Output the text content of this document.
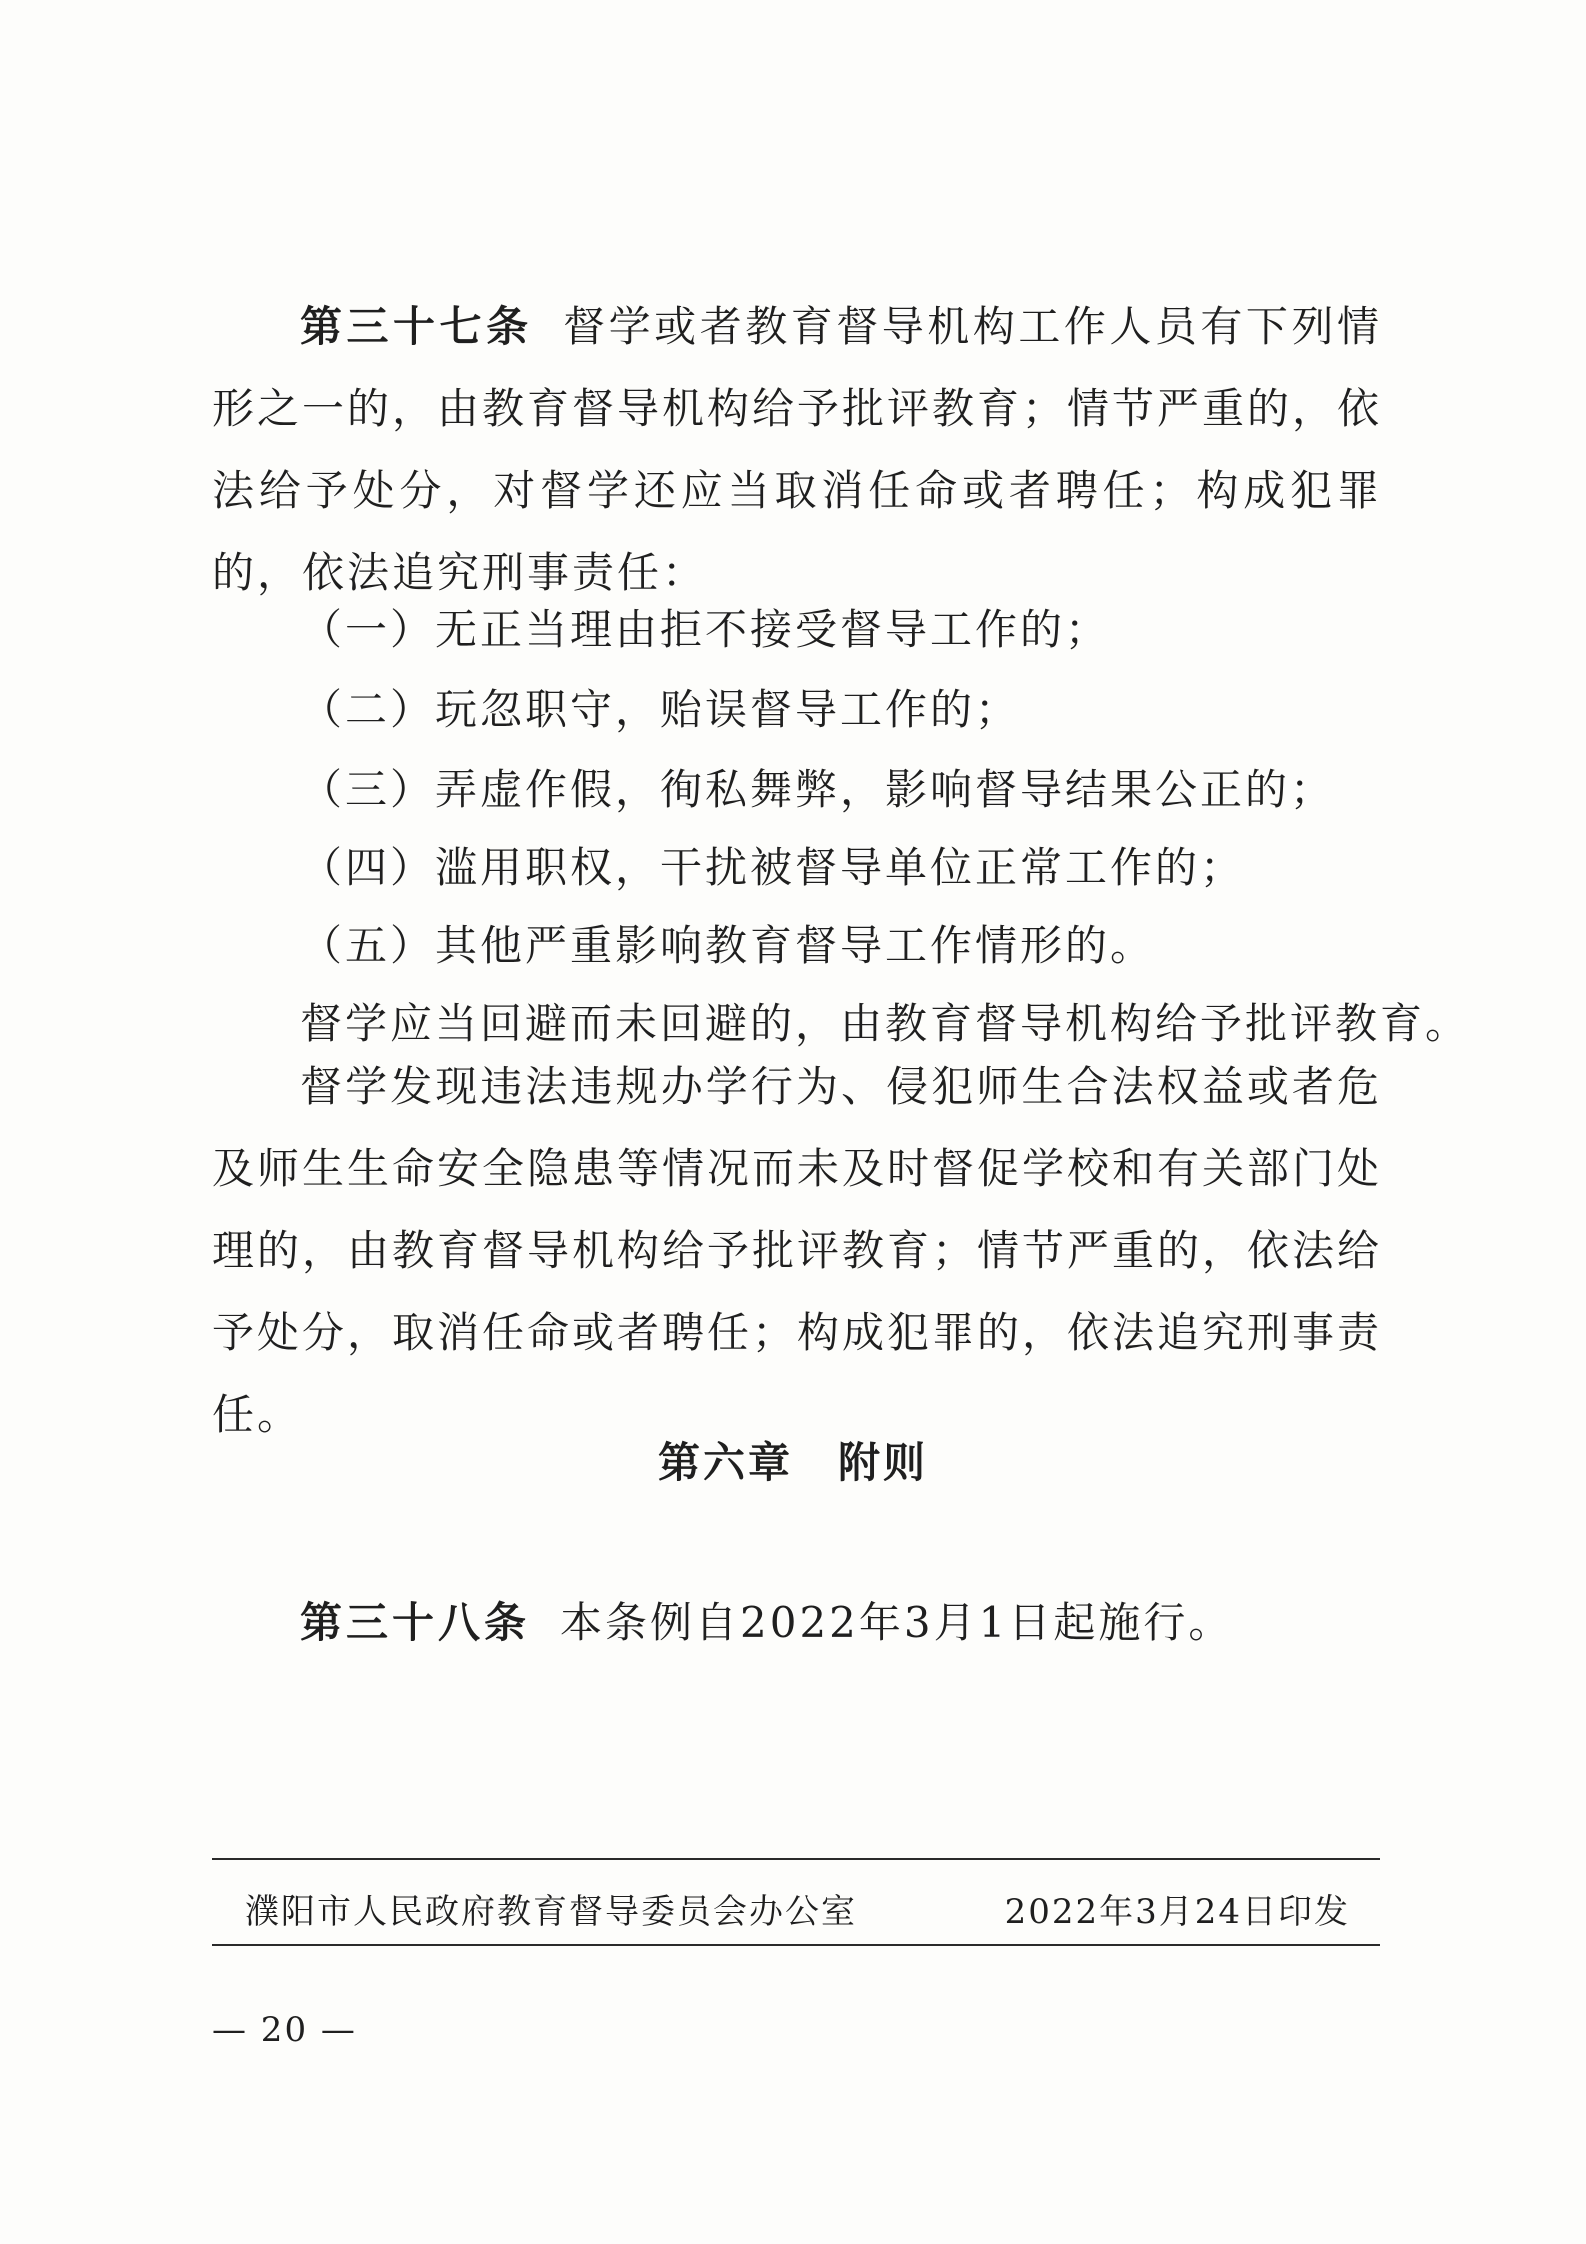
第三十七条 督学或者教育督导机构工作人员有下列情形之一的，由教育督导机构给予批评教育；情节严重的，依法给予处分，对督学还应当取消任命或者聘任；构成犯罪的，依法追究刑事责任：

（一）无正当理由拒不接受督导工作的；

（二）玩忽职守，贻误督导工作的；

（三）弄虚作假，徇私舞弊，影响督导结果公正的；

（四）滥用职权，干扰被督导单位正常工作的；

（五）其他严重影响教育督导工作情形的。

督学应当回避而未回避的，由教育督导机构给予批评教育。

督学发现违法违规办学行为、侵犯师生合法权益或者危及师生生命安全隐患等情况而未及时督促学校和有关部门处理的，由教育督导机构给予批评教育；情节严重的，依法给予处分，取消任命或者聘任；构成犯罪的，依法追究刑事责任。

第六章　附则

第三十八条 本条例自2022年3月1日起施行。

濮阳市人民政府教育督导委员会办公室	2022年3月24日印发

— 20 —
